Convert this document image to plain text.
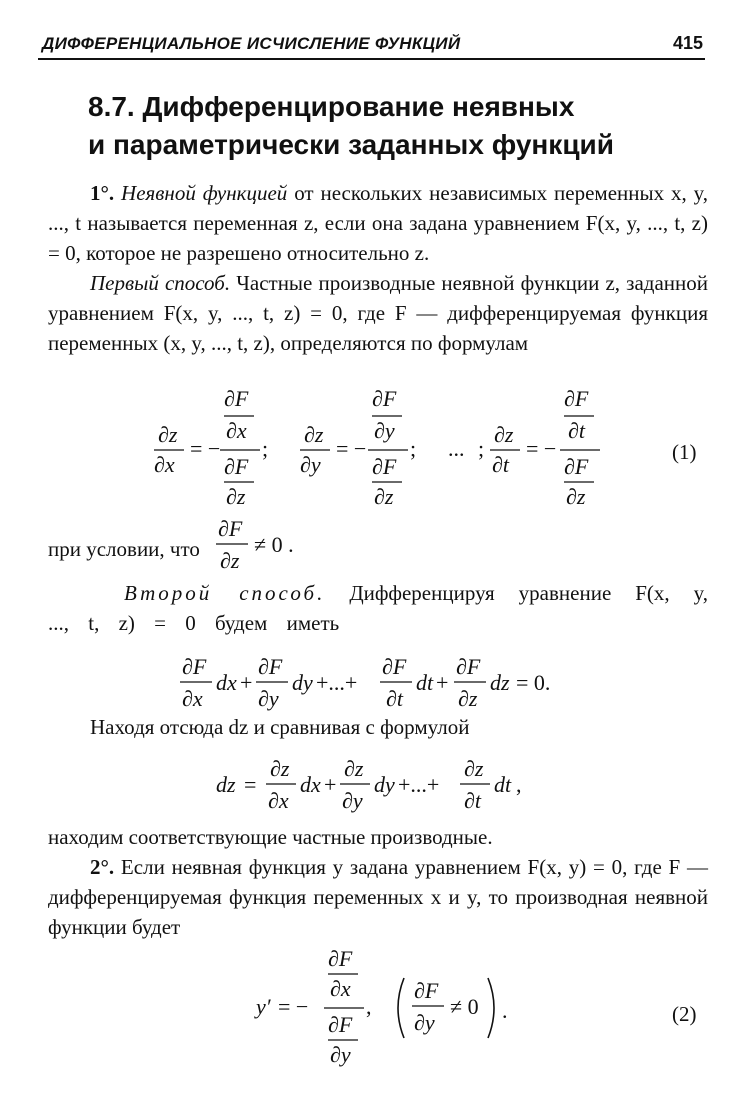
ДИФФЕРЕНЦИАЛЬНОЕ ИСЧИСЛЕНИЕ ФУНКЦИЙ	415
8.7. Дифференцирование неявных
и параметрически заданных функций
1°. Неявной функцией от нескольких независимых переменных x, y, ..., t называется переменная z, если она задана уравнением F(x, y, ..., t, z) = 0, которое не разрешено относительно z.
Первый способ. Частные производные неявной функции z, заданной уравнением F(x, y, ..., t, z) = 0, где F — дифференцируемая функция переменных (x, y, ..., t, z), определяются по формулам
∂z
∂x
= −
∂F
∂x
∂F
∂z
;
∂z
∂y
= −
∂F
∂y
∂F
∂z
; ... ;
∂z
∂t
= −
∂F
∂t
∂F
∂z
(1)
при условии, что
∂F
∂z
≠ 0 .
Второй способ. Дифференцируя уравнение F(x, y, ..., t, z) = 0 будем иметь
∂F
∂x
dx +
∂F
∂y
dy +...+
∂F
∂t
dt +
∂F
∂z
dz = 0.
Находя отсюда dz и сравнивая с формулой
dz =
∂z
∂x
dx +
∂z
∂y
dy +...+
∂z
∂t
dt ,
находим соответствующие частные производные.
2°. Если неявная функция y задана уравнением F(x, y) = 0, где F — дифференцируемая функция переменных x и y, то производная неявной функции будет
y′ = −
∂F
∂x
∂F
∂y
,
∂F
∂y
≠ 0 .	(2)
